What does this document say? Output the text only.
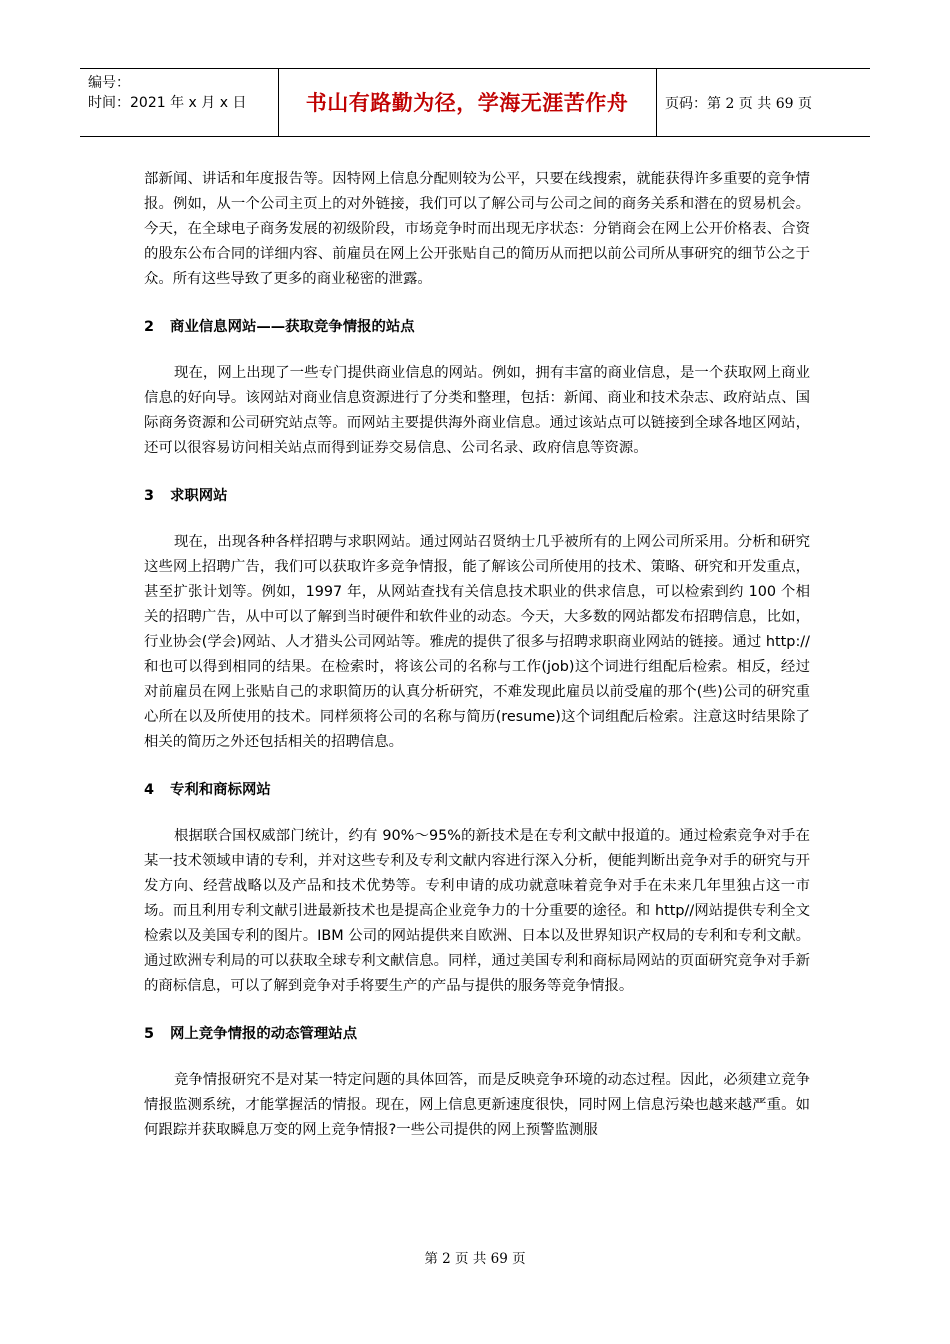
编号：
时间：2021 年 x 月 x 日	书山有路勤为径，学海无涯苦作舟	页码：第 2 页 共 69 页

部新闻、讲话和年度报告等。因特网上信息分配则较为公平，只要在线搜索，就能获得许多重要的竞争情报。例如，从一个公司主页上的对外链接，我们可以了解公司与公司之间的商务关系和潜在的贸易机会。今天，在全球电子商务发展的初级阶段，市场竞争时而出现无序状态：分销商会在网上公开价格表、合资的股东公布合同的详细内容、前雇员在网上公开张贴自己的简历从而把以前公司所从事研究的细节公之于众。所有这些导致了更多的商业秘密的泄露。

2 商业信息网站——获取竞争情报的站点

现在，网上出现了一些专门提供商业信息的网站。例如，拥有丰富的商业信息，是一个获取网上商业信息的好向导。该网站对商业信息资源进行了分类和整理，包括：新闻、商业和技术杂志、政府站点、国际商务资源和公司研究站点等。而网站主要提供海外商业信息。通过该站点可以链接到全球各地区网站，还可以很容易访问相关站点而得到证券交易信息、公司名录、政府信息等资源。

3 求职网站

现在，出现各种各样招聘与求职网站。通过网站召贤纳士几乎被所有的上网公司所采用。分析和研究这些网上招聘广告，我们可以获取许多竞争情报，能了解该公司所使用的技术、策略、研究和开发重点，甚至扩张计划等。例如，1997 年，从网站查找有关信息技术职业的供求信息，可以检索到约 100 个相关的招聘广告，从中可以了解到当时硬件和软件业的动态。今天，大多数的网站都发布招聘信息，比如，行业协会(学会)网站、人才猎头公司网站等。雅虎的提供了很多与招聘求职商业网站的链接。通过 http://和也可以得到相同的结果。在检索时，将该公司的名称与工作(job)这个词进行组配后检索。相反，经过对前雇员在网上张贴自己的求职简历的认真分析研究，不难发现此雇员以前受雇的那个(些)公司的研究重心所在以及所使用的技术。同样须将公司的名称与简历(resume)这个词组配后检索。注意这时结果除了相关的简历之外还包括相关的招聘信息。

4 专利和商标网站

根据联合国权威部门统计，约有 90%～95%的新技术是在专利文献中报道的。通过检索竞争对手在某一技术领域申请的专利，并对这些专利及专利文献内容进行深入分析，便能判断出竞争对手的研究与开发方向、经营战略以及产品和技术优势等。专利申请的成功就意味着竞争对手在未来几年里独占这一市场。而且利用专利文献引进最新技术也是提高企业竞争力的十分重要的途径。和 http//网站提供专利全文检索以及美国专利的图片。IBM 公司的网站提供来自欧洲、日本以及世界知识产权局的专利和专利文献。通过欧洲专利局的可以获取全球专利文献信息。同样，通过美国专利和商标局网站的页面研究竞争对手新的商标信息，可以了解到竞争对手将要生产的产品与提供的服务等竞争情报。

5 网上竞争情报的动态管理站点

竞争情报研究不是对某一特定问题的具体回答，而是反映竞争环境的动态过程。因此，必须建立竞争情报监测系统，才能掌握活的情报。现在，网上信息更新速度很快，同时网上信息污染也越来越严重。如何跟踪并获取瞬息万变的网上竞争情报?一些公司提供的网上预警监测服

第 2 页 共 69 页
